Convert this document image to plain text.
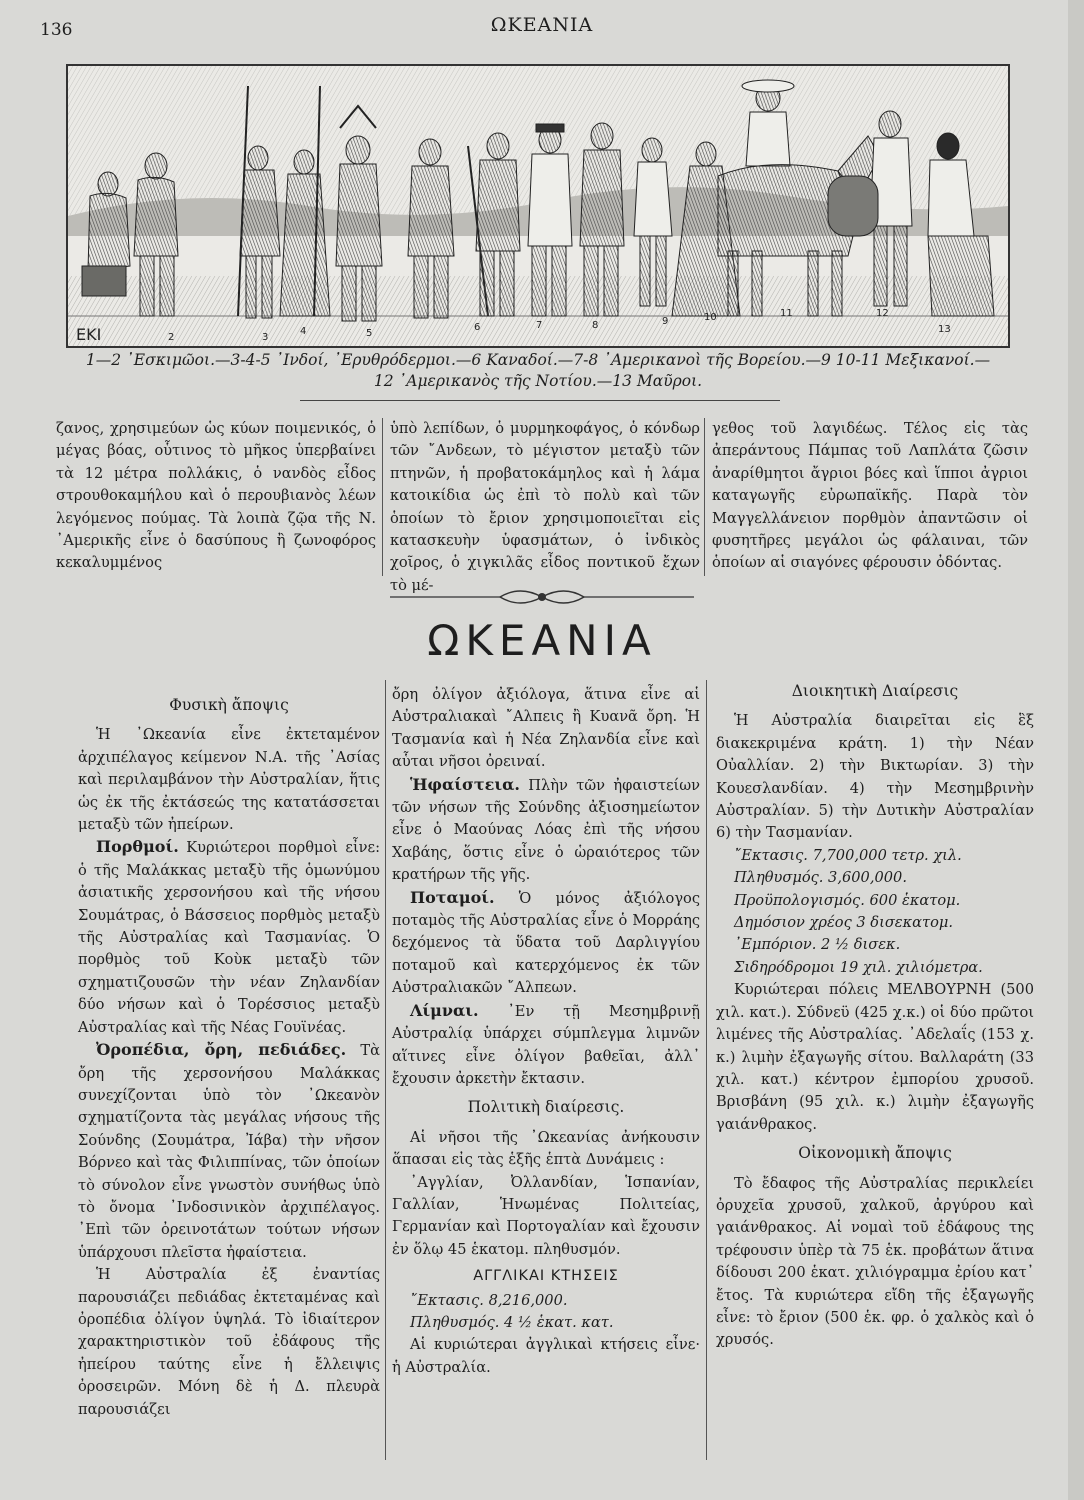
136	ΩΚΕΑΝΙΑ
EKI	2	3
4	5
6	7	8	9	10	11	12
13
1—2 ᾿Εσκιμῶοι.—3-4-5 ᾿Ινδοί, ᾿Ερυθρόδερμοι.—6 Καναδοί.—7-8 ᾿Αμερικανοὶ τῆς Βορείου.—9 10-11 Μεξικανοί.—12 ᾿Αμερικανὸς τῆς Νοτίου.—13 Μαῦροι.

ζανος, χρησιμεύων ὡς κύων ποιμενικός, ὁ μέγας βόας, οὗτινος τὸ μῆκος ὑπερβαίνει τὰ 12 μέτρα πολλάκις, ὁ νανδὸς εἶδος στρουθοκαμήλου καὶ ὁ περουβιανὸς λέων λεγόμενος πούμας. Τὰ λοιπὰ ζῷα τῆς Ν. ᾿Αμερικῆς εἶνε ὁ δασύπους ἢ ζωνοφόρος κεκαλυμμένος

ὑπὸ λεπίδων, ὁ μυρμηκοφάγος, ὁ κόνδωρ τῶν ῎Ανδεων, τὸ μέγιστον μεταξὺ τῶν πτηνῶν, ἡ προβατοκάμηλος καὶ ἡ λάμα κατοικίδια ὡς ἐπὶ τὸ πολὺ καὶ τῶν ὁποίων τὸ ἔριον χρησιμοποιεῖται εἰς κατασκευὴν ὑφασμάτων, ὁ ἰνδικὸς χοῖρος, ὁ χιγκιλᾶς εἶδος ποντικοῦ ἔχων τὸ μέ-

γεθος τοῦ λαγιδέως. Τέλος εἰς τὰς ἀπεράντους Πάμπας τοῦ Λαπλάτα ζῶσιν ἀναρίθμητοι ἄγριοι βόες καὶ ἵπποι ἀγριοι καταγωγῆς εὐρωπαϊκῆς. Παρὰ τὸν Μαγγελλάνειον πορθμὸν ἀπαντῶσιν οἱ φυσητῆρες μεγάλοι ὡς φάλαιναι, τῶν ὁποίων αἱ σιαγόνες φέρουσιν ὀδόντας.

ΩΚΕΑΝΙΑ
Φυσικὴ ἄποψις

Ἡ ᾿Ωκεανία εἶνε ἐκτεταμένον ἀρχιπέλαγος κείμενον Ν.Α. τῆς ᾿Ασίας καὶ περιλαμβάνον τὴν Αὐστραλίαν, ἥτις ὡς ἐκ τῆς ἐκτάσεώς της κατατάσσεται μεταξὺ τῶν ἠπείρων.

Πορθμοί. Κυριώτεροι πορθμοὶ εἶνε: ὁ τῆς Μαλάκκας μεταξὺ τῆς ὁμωνύμου ἀσιατικῆς χερσονήσου καὶ τῆς νήσου Σουμάτρας, ὁ Βάσσειος πορθμὸς μεταξὺ τῆς Αὐστραλίας καὶ Τασμανίας. Ὁ πορθμὸς τοῦ Κοὺκ μεταξὺ τῶν σχηματιζουσῶν τὴν νέαν Ζηλανδίαν δύο νήσων καὶ ὁ Τορέσσιος μεταξὺ Αὐστραλίας καὶ τῆς Νέας Γουϊνέας.

Ὀροπέδια, ὄρη, πεδιάδες. Τὰ ὄρη τῆς χερσονήσου Μαλάκκας συνεχίζονται ὑπὸ τὸν ᾿Ωκεανὸν σχηματίζοντα τὰς μεγάλας νήσους τῆς Σούνδης (Σουμάτρα, Ἰάβα) τὴν νῆσον Βόρνεο καὶ τὰς Φιλιππίνας, τῶν ὁποίων τὸ σύνολον εἶνε γνωστὸν συνήθως ὑπὸ τὸ ὄνομα ᾿Ινδοσινικὸν ἀρχιπέλαγος. ᾿Επὶ τῶν ὀρεινοτάτων τούτων νήσων ὑπάρχουσι πλεῖστα ἠφαίστεια.

Ἡ Αὐστραλία ἐξ ἐναντίας παρουσιάζει πεδιάδας ἐκτεταμένας καὶ ὀροπέδια ὀλίγον ὑψηλά. Τὸ ἰδιαίτερον χαρακτηριστικὸν τοῦ ἐδάφους τῆς ἠπείρου ταύτης εἶνε ἡ ἔλλειψις ὀροσειρῶν. Μόνη δὲ ἡ Δ. πλευρὰ παρουσιάζει

ὄρη ὀλίγον ἀξιόλογα, ἅτινα εἶνε αἱ Αὐστραλιακαὶ ῎Αλπεις ἢ Κυανᾶ ὄρη. Ἡ Τασμανία καὶ ἡ Νέα Ζηλανδία εἶνε καὶ αὗται νῆσοι ὀρειναί.

Ἡφαίστεια. Πλὴν τῶν ἠφαιστείων τῶν νήσων τῆς Σούνδης ἀξιοσημείωτον εἶνε ὁ Μαούνας Λόας ἐπὶ τῆς νήσου Χαβάης, ὅστις εἶνε ὁ ὡραιότερος τῶν κρατήρων τῆς γῆς.

Ποταμοί. Ὁ μόνος ἀξιόλογος ποταμὸς τῆς Αὐστραλίας εἶνε ὁ Μορράης δεχόμενος τὰ ὕδατα τοῦ Δαρλιγγίου ποταμοῦ καὶ κατερχόμενος ἐκ τῶν Αὐστραλιακῶν ῎Αλπεων.

Λίμναι. ᾿Εν τῇ Μεσημβρινῇ Αὐστραλίᾳ ὑπάρχει σύμπλεγμα λιμνῶν αἵτινες εἶνε ὀλίγον βαθεῖαι, ἀλλ᾿ ἔχουσιν ἀρκετὴν ἔκτασιν.

Πολιτικὴ διαίρεσις.

Αἱ νῆσοι τῆς ᾿Ωκεανίας ἀνήκουσιν ἅπασαι εἰς τὰς ἑξῆς ἑπτὰ Δυνάμεις :

᾿Αγγλίαν, Ὀλλανδίαν, Ἱσπανίαν, Γαλλίαν, Ἡνωμένας Πολιτείας, Γερμανίαν καὶ Πορτογαλίαν καὶ ἔχουσιν ἐν ὅλῳ 45 ἑκατομ. πληθυσμόν.

ΑΓΓΛΙΚΑΙ ΚΤΗΣΕΙΣ

῎Εκτασις. 8,216,000.

Πληθυσμός. 4 ½ ἑκατ. κατ.

Αἱ κυριώτεραι ἀγγλικαὶ κτήσεις εἶνε· ἡ Αὐστραλία.

Διοικητικὴ Διαίρεσις

Ἡ Αὐστραλία διαιρεῖται εἰς ἓξ διακεκριμένα κράτη. 1) τὴν Νέαν Οὐαλλίαν. 2) τὴν Βικτωρίαν. 3) τὴν Κουεσλανδίαν. 4) τὴν Μεσημβρινὴν Αὐστραλίαν. 5) τὴν Δυτικὴν Αὐστραλίαν 6) τὴν Τασμανίαν.

῎Εκτασις. 7,700,000 τετρ. χιλ.

Πληθυσμός. 3,600,000.

Προϋπολογισμός. 600 ἑκατομ.

Δημόσιον χρέος 3 δισεκατομ.

᾿Εμπόριον. 2 ½ δισεκ.

Σιδηρόδρομοι 19 χιλ. χιλιόμετρα.

Κυριώτεραι πόλεις ΜΕΛΒΟΥΡΝΗ (500 χιλ. κατ.). Σύδνεϋ (425 χ.κ.) οἱ δύο πρῶτοι λιμένες τῆς Αὐστραλίας. ᾿Αδελαΐς (153 χ. κ.) λιμὴν ἐξαγωγῆς σίτου. Βαλλαράτη (33 χιλ. κατ.) κέντρον ἐμπορίου χρυσοῦ. Βρισβάνη (95 χιλ. κ.) λιμὴν ἐξαγωγῆς γαιάνθρακος.

Οἰκονομικὴ ἄποψις

Τὸ ἔδαφος τῆς Αὐστραλίας περικλείει ὀρυχεῖα χρυσοῦ, χαλκοῦ, ἀργύρου καὶ γαιάνθρακος. Αἱ νομαὶ τοῦ ἐδάφους της τρέφουσιν ὑπὲρ τὰ 75 ἑκ. προβάτων ἅτινα δίδουσι 200 ἑκατ. χιλιόγραμμα ἐρίου κατ᾿ ἔτος. Τὰ κυριώτερα εἴδη τῆς ἐξαγωγῆς εἶνε: τὸ ἔριον (500 ἑκ. φρ. ὁ χαλκὸς καὶ ὁ χρυσός.
